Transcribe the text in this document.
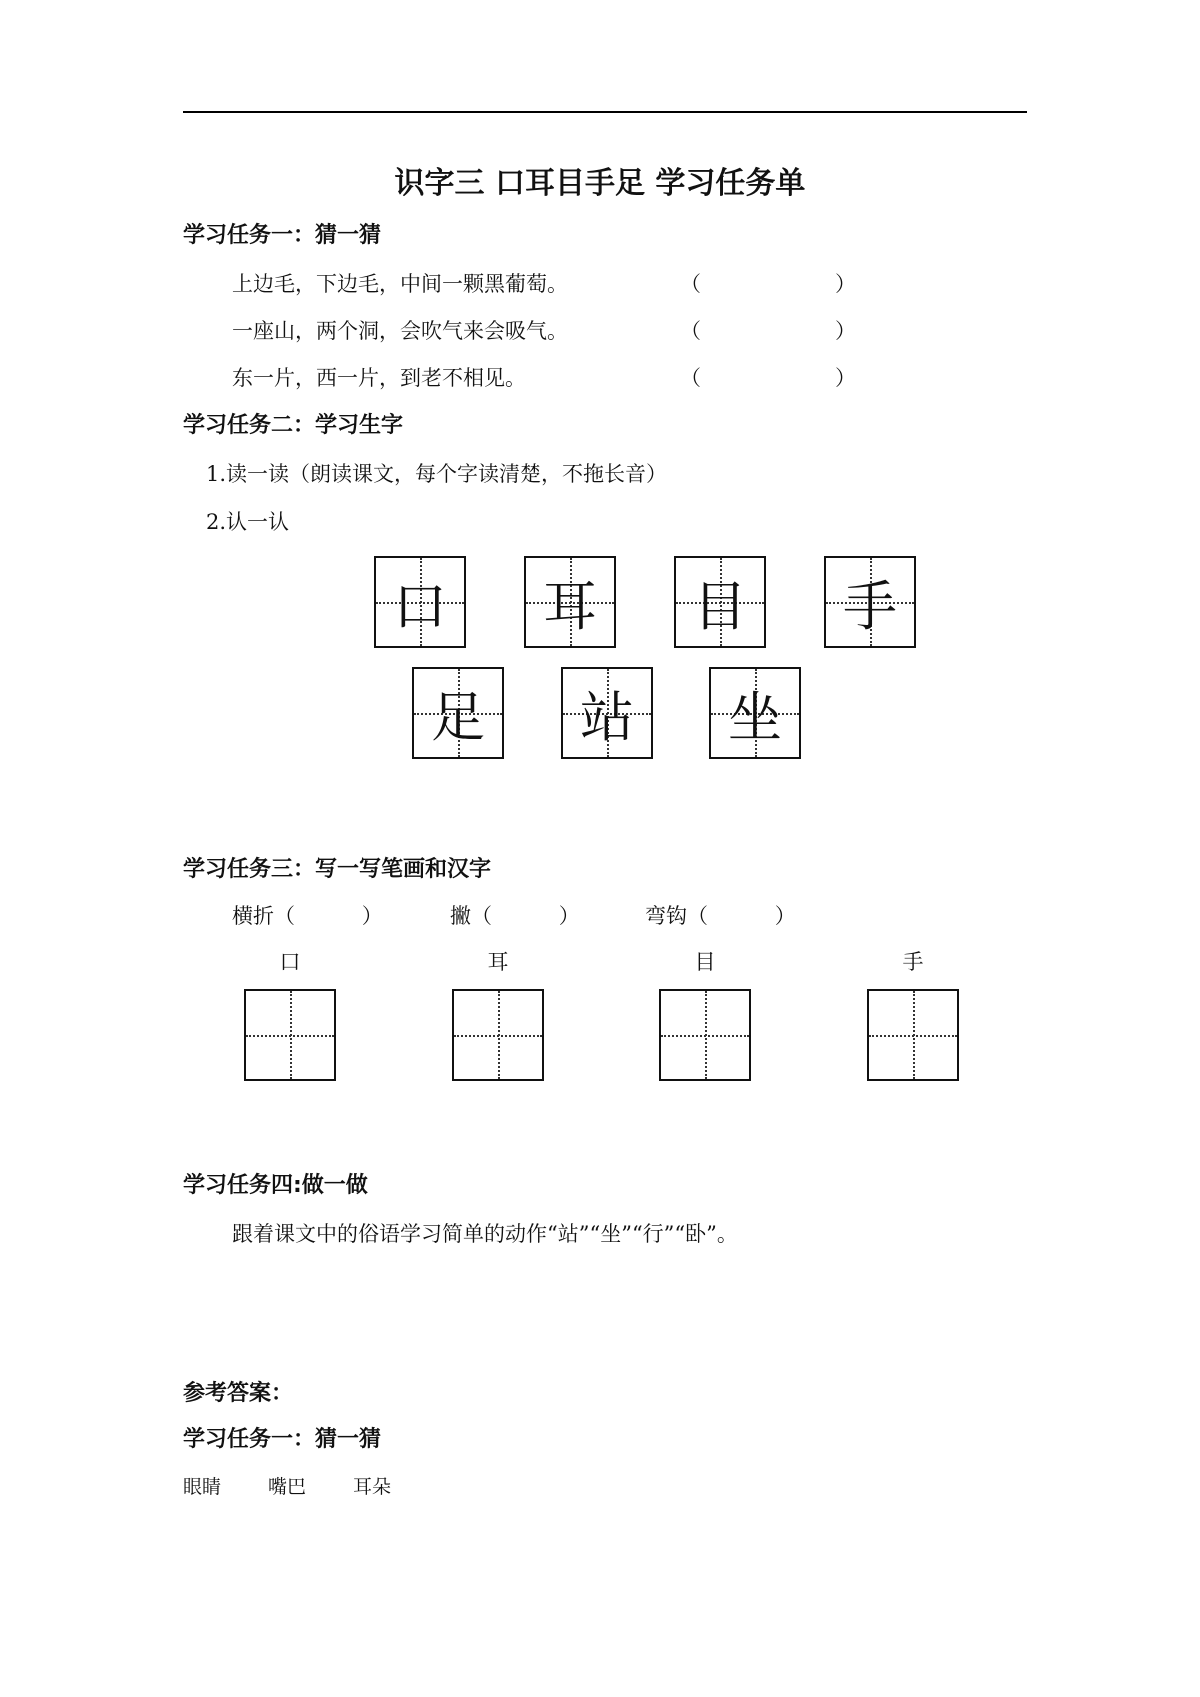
识字三 口耳目手足 学习任务单
学习任务一：猜一猜
上边毛，下边毛，中间一颗黑葡萄。	（	）
一座山，两个洞，会吹气来会吸气。	（	）
东一片，西一片，到老不相见。	（	）
学习任务二：学习生字
1.读一读（朗读课文，每个字读清楚，不拖长音）
2.认一认
口	耳	目	手
足	站	坐
学习任务三：写一写笔画和汉字
横折（          ）	撇（          ）	弯钩（          ）
口	耳	目	手
学习任务四:做一做
跟着课文中的俗语学习简单的动作“站”“坐”“行”“卧”。
参考答案：
学习任务一：猜一猜
眼睛 嘴巴 耳朵
